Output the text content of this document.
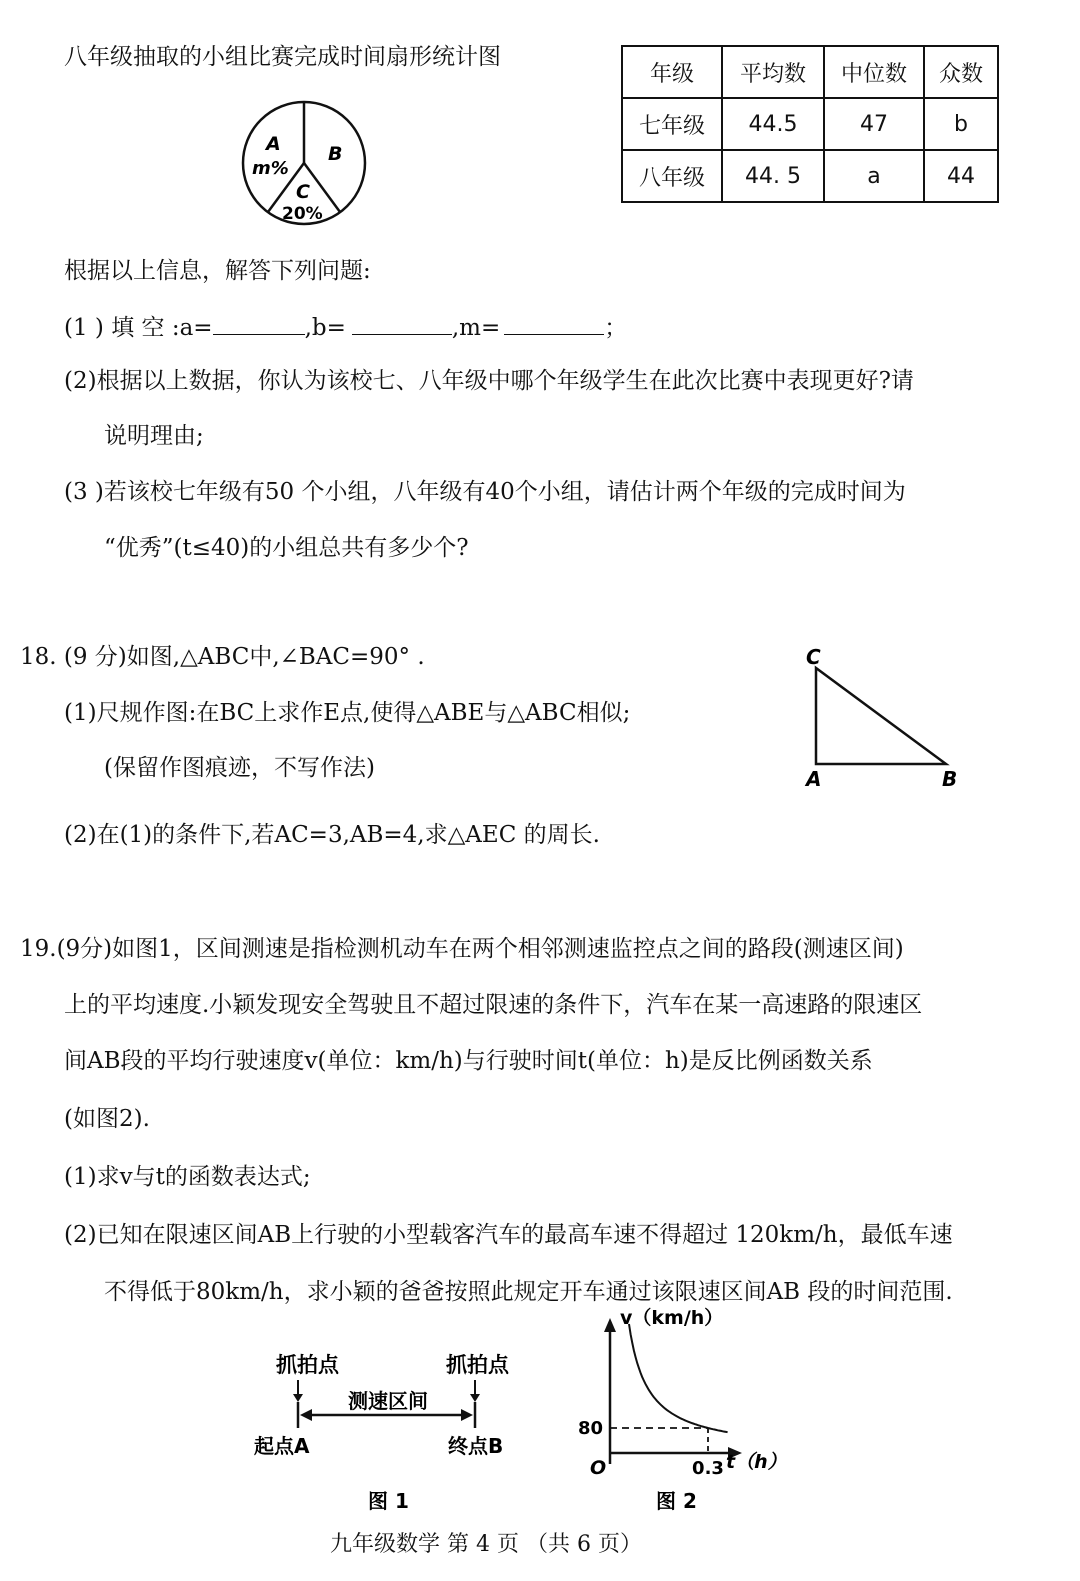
八年级抽取的小组比赛完成时间扇形统计图
A
m%
B
C
20%
年级	平均数	中位数	众数
七年级	44.5	47	b
八年级	44. 5	a	44
根据以上信息，解答下列问题:
(1 ) 填 空 :a=	,b=	,m=	；
(2)根据以上数据，你认为该校七、八年级中哪个年级学生在此次比赛中表现更好?请
说明理由;
(3 )若该校七年级有50 个小组，八年级有40个小组，请估计两个年级的完成时间为
“优秀”(t≤40)的小组总共有多少个?
18. (9 分)如图,△ABC中,∠BAC=90° .
(1)尺规作图:在BC上求作E点,使得△ABE与△ABC相似;
(保留作图痕迹，不写作法)
(2)在(1)的条件下,若AC=3,AB=4,求△AEC 的周长.
C
A	B
19.(9分)如图1，区间测速是指检测机动车在两个相邻测速监控点之间的路段(测速区间)
上的平均速度.小颖发现安全驾驶且不超过限速的条件下，汽车在某一高速路的限速区
间AB段的平均行驶速度v(单位：km/h)与行驶时间t(单位：h)是反比例函数关系
(如图2).
(1)求v与t的函数表达式;
(2)已知在限速区间AB上行驶的小型载客汽车的最高车速不得超过 120km/h，最低车速
不得低于80km/h，求小颖的爸爸按照此规定开车通过该限速区间AB 段的时间范围.
抓拍点	抓拍点
测速区间
起点A	终点B
图 1
v（km/h）
t（h）
O
80
0.3
图 2
九年级数学 第 4 页 （共 6 页）
